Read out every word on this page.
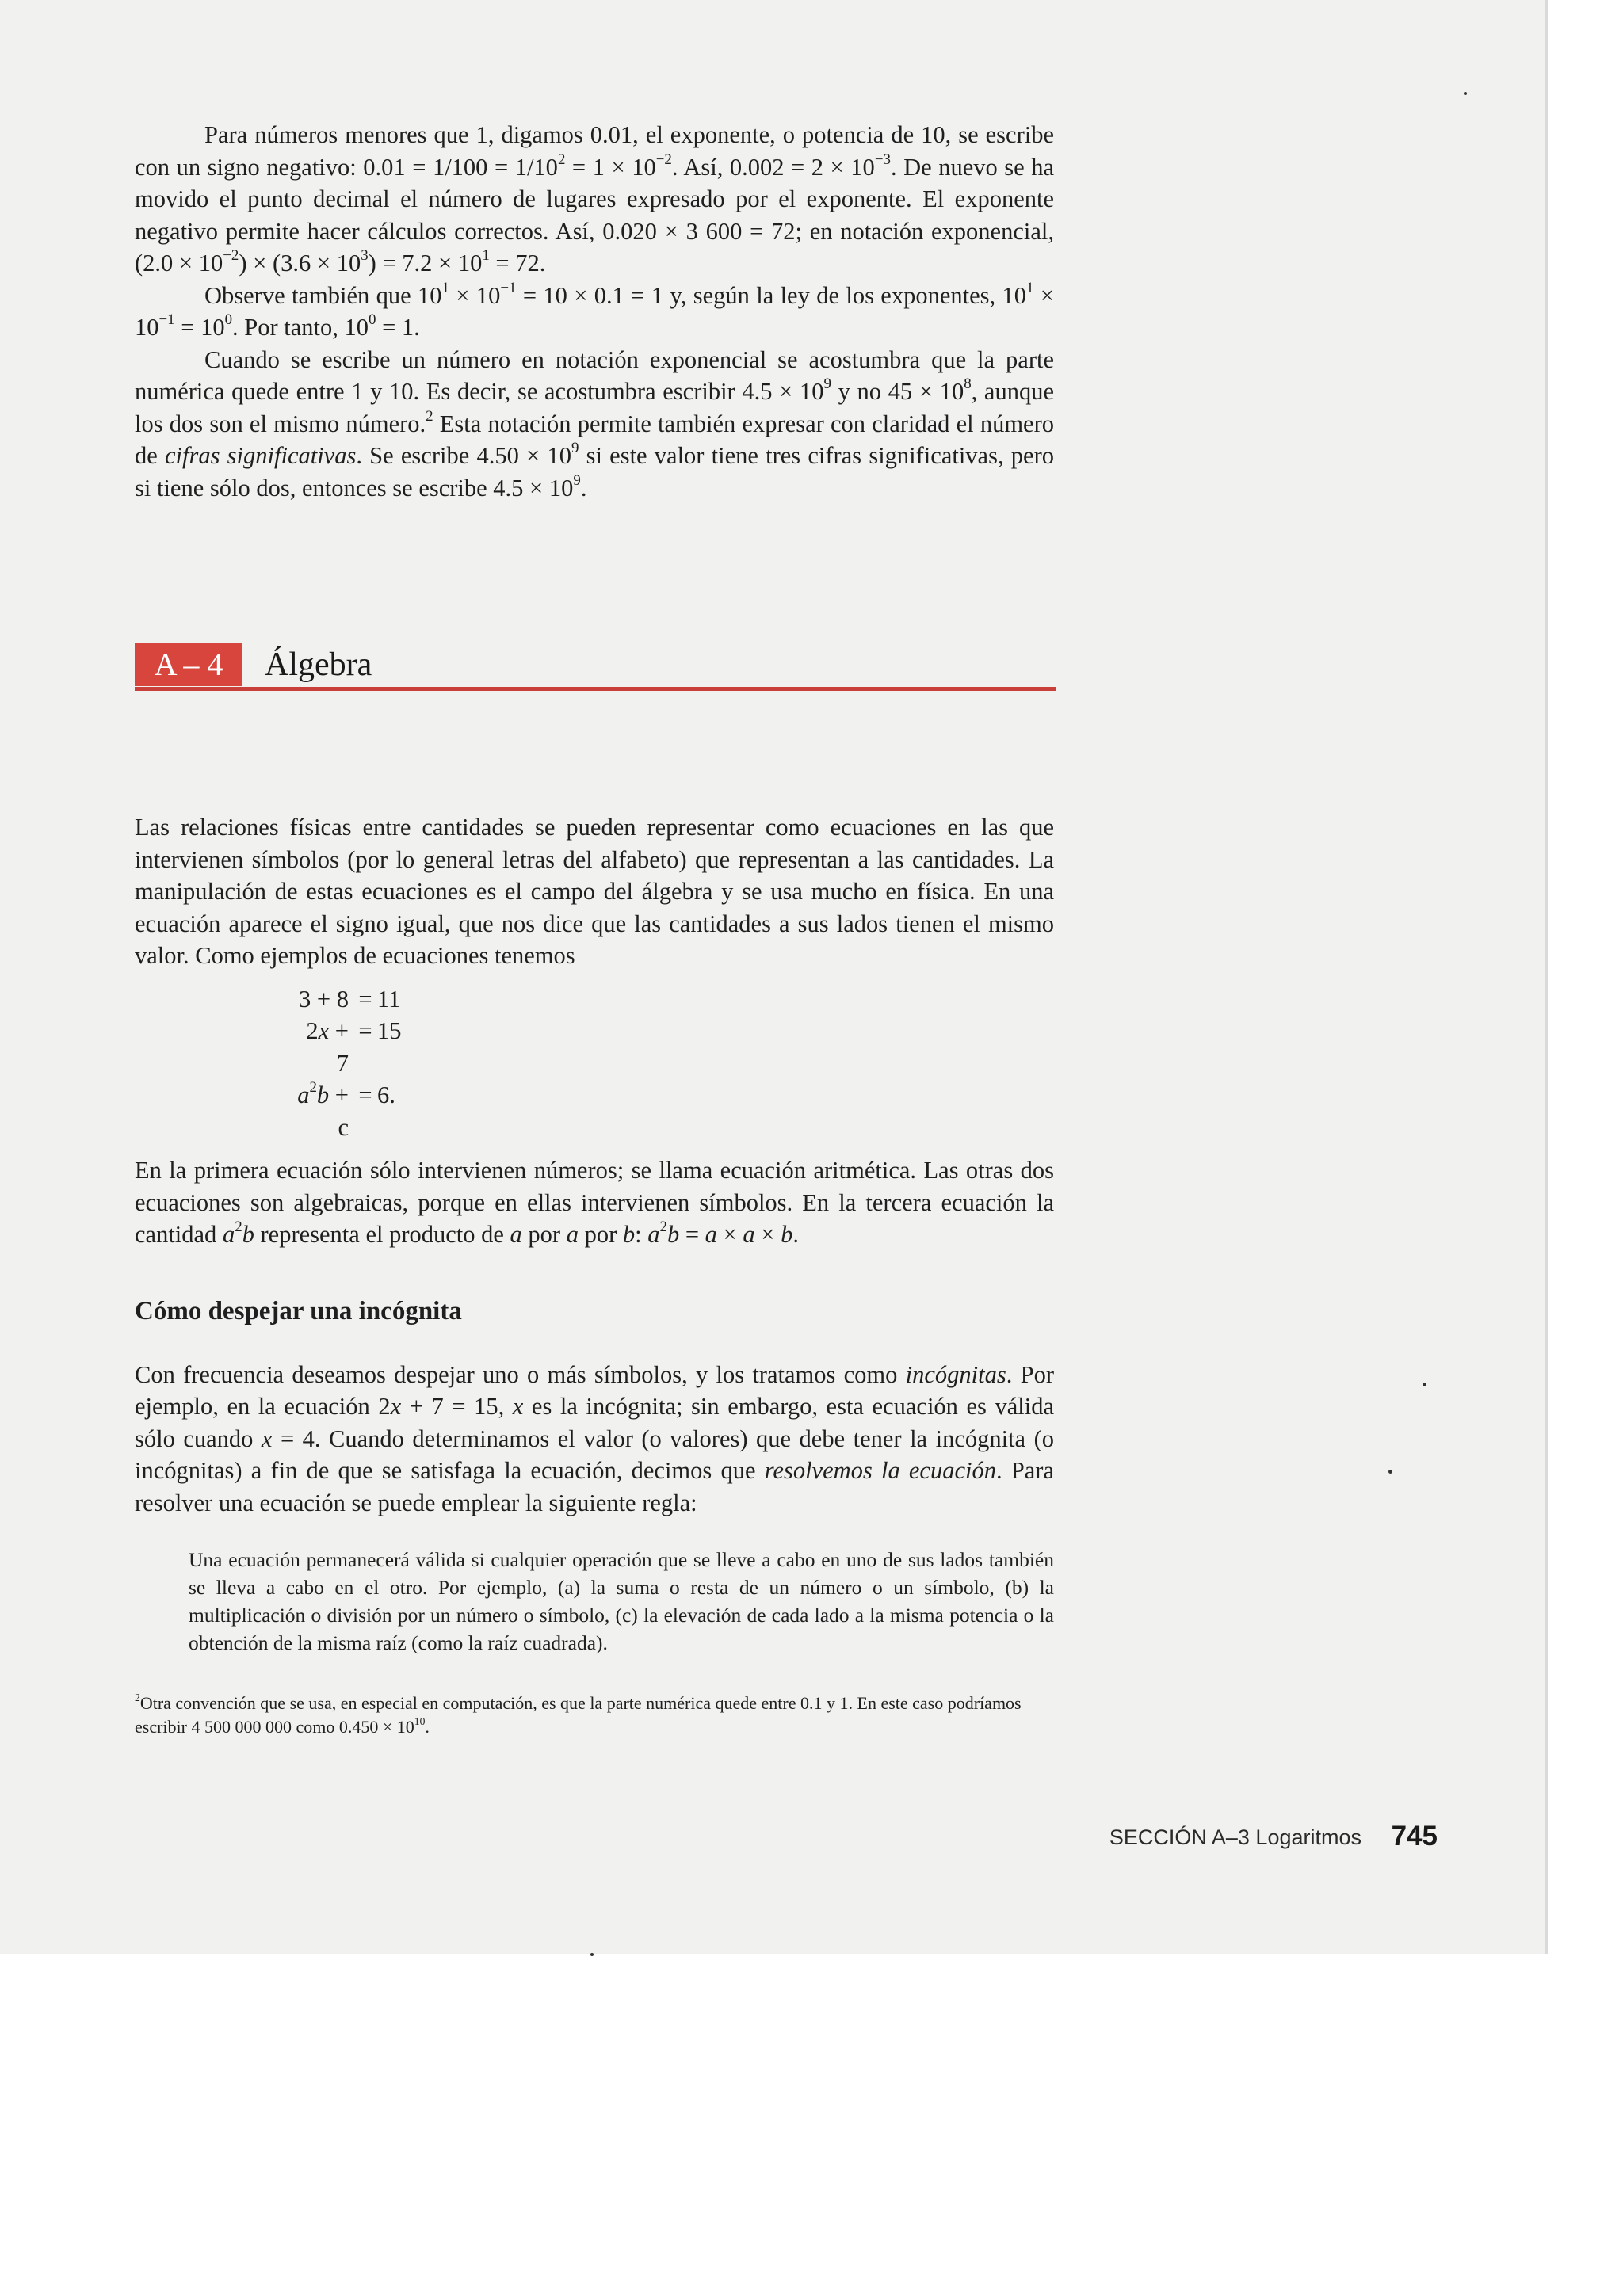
Para números menores que 1, digamos 0.01, el exponente, o potencia de 10, se escribe con un signo negativo: $0.01 = 1/100 = 1/10^2 = 1 \times 10^{-2}$. Así, $0.002 = 2 \times 10^{-3}$. De nuevo se ha movido el punto decimal el número de lugares expresado por el exponente. El exponente negativo permite hacer cálculos correctos. Así, 0.020 × 3 600 = 72; en notación exponencial, $(2.0 \times 10^{-2}) \times (3.6 \times 10^3) = 7.2 \times 10^1 = 72$.

Observe también que $10^1 \times 10^{-1} = 10 \times 0.1 = 1$ y, según la ley de los exponentes, $10^1 \times 10^{-1} = 10^0$. Por tanto, $10^0 = 1$.

Cuando se escribe un número en notación exponencial se acostumbra que la parte numérica quede entre 1 y 10. Es decir, se acostumbra escribir $4.5 \times 10^9$ y no $45 \times 10^8$, aunque los dos son el mismo número.$^2$ Esta notación permite también expresar con claridad el número de cifras significativas. Se escribe $4.50 \times 10^9$ si este valor tiene tres cifras significativas, pero si tiene sólo dos, entonces se escribe $4.5 \times 10^9$.

Las relaciones físicas entre cantidades se pueden representar como ecuaciones en las que intervienen símbolos (por lo general letras del alfabeto) que representan a las cantidades. La manipulación de estas ecuaciones es el campo del álgebra y se usa mucho en física. En una ecuación aparece el signo igual, que nos dice que las cantidades a sus lados tienen el mismo valor. Como ejemplos de ecuaciones tenemos

3 + 8 = 11
2x + 7
= 15
$a^2b + c$
= 6.

En la primera ecuación sólo intervienen números; se llama ecuación aritmética. Las otras dos ecuaciones son algebraicas, porque en ellas intervienen símbolos. En la tercera ecuación la cantidad $a^2b$ representa el producto de a por a por b: $a^2b = a \times a \times b$.

Cómo despejar una incógnita

Con frecuencia deseamos despejar uno o más símbolos, y los tratamos como incógnitas. Por ejemplo, en la ecuación 2x + 7 = 15, x es la incógnita; sin embargo, esta ecuación es válida sólo cuando x = 4. Cuando determinamos el valor (o valores) que debe tener la incógnita (o incógnitas) a fin de que se satisfaga la ecuación, decimos que resolvemos la ecuación. Para resolver una ecuación se puede emplear la siguiente regla:

Una ecuación permanecerá válida si cualquier operación que se lleve a cabo en uno de sus lados también se lleva a cabo en el otro. Por ejemplo, (a) la suma o resta de un número o un símbolo, (b) la multiplicación o división por un número o símbolo, (c) la elevación de cada lado a la misma potencia o la obtención de la misma raíz (como la raíz cuadrada).
$^2$Otra convención que se usa, en especial en computación, es que la parte numérica quede entre 0.1 y 1. En este caso podríamos escribir 4 500 000 000 como $0.450 \times 10^{10}$.
A – 4	Álgebra
SECCIÓN A–3 Logaritmos 745
